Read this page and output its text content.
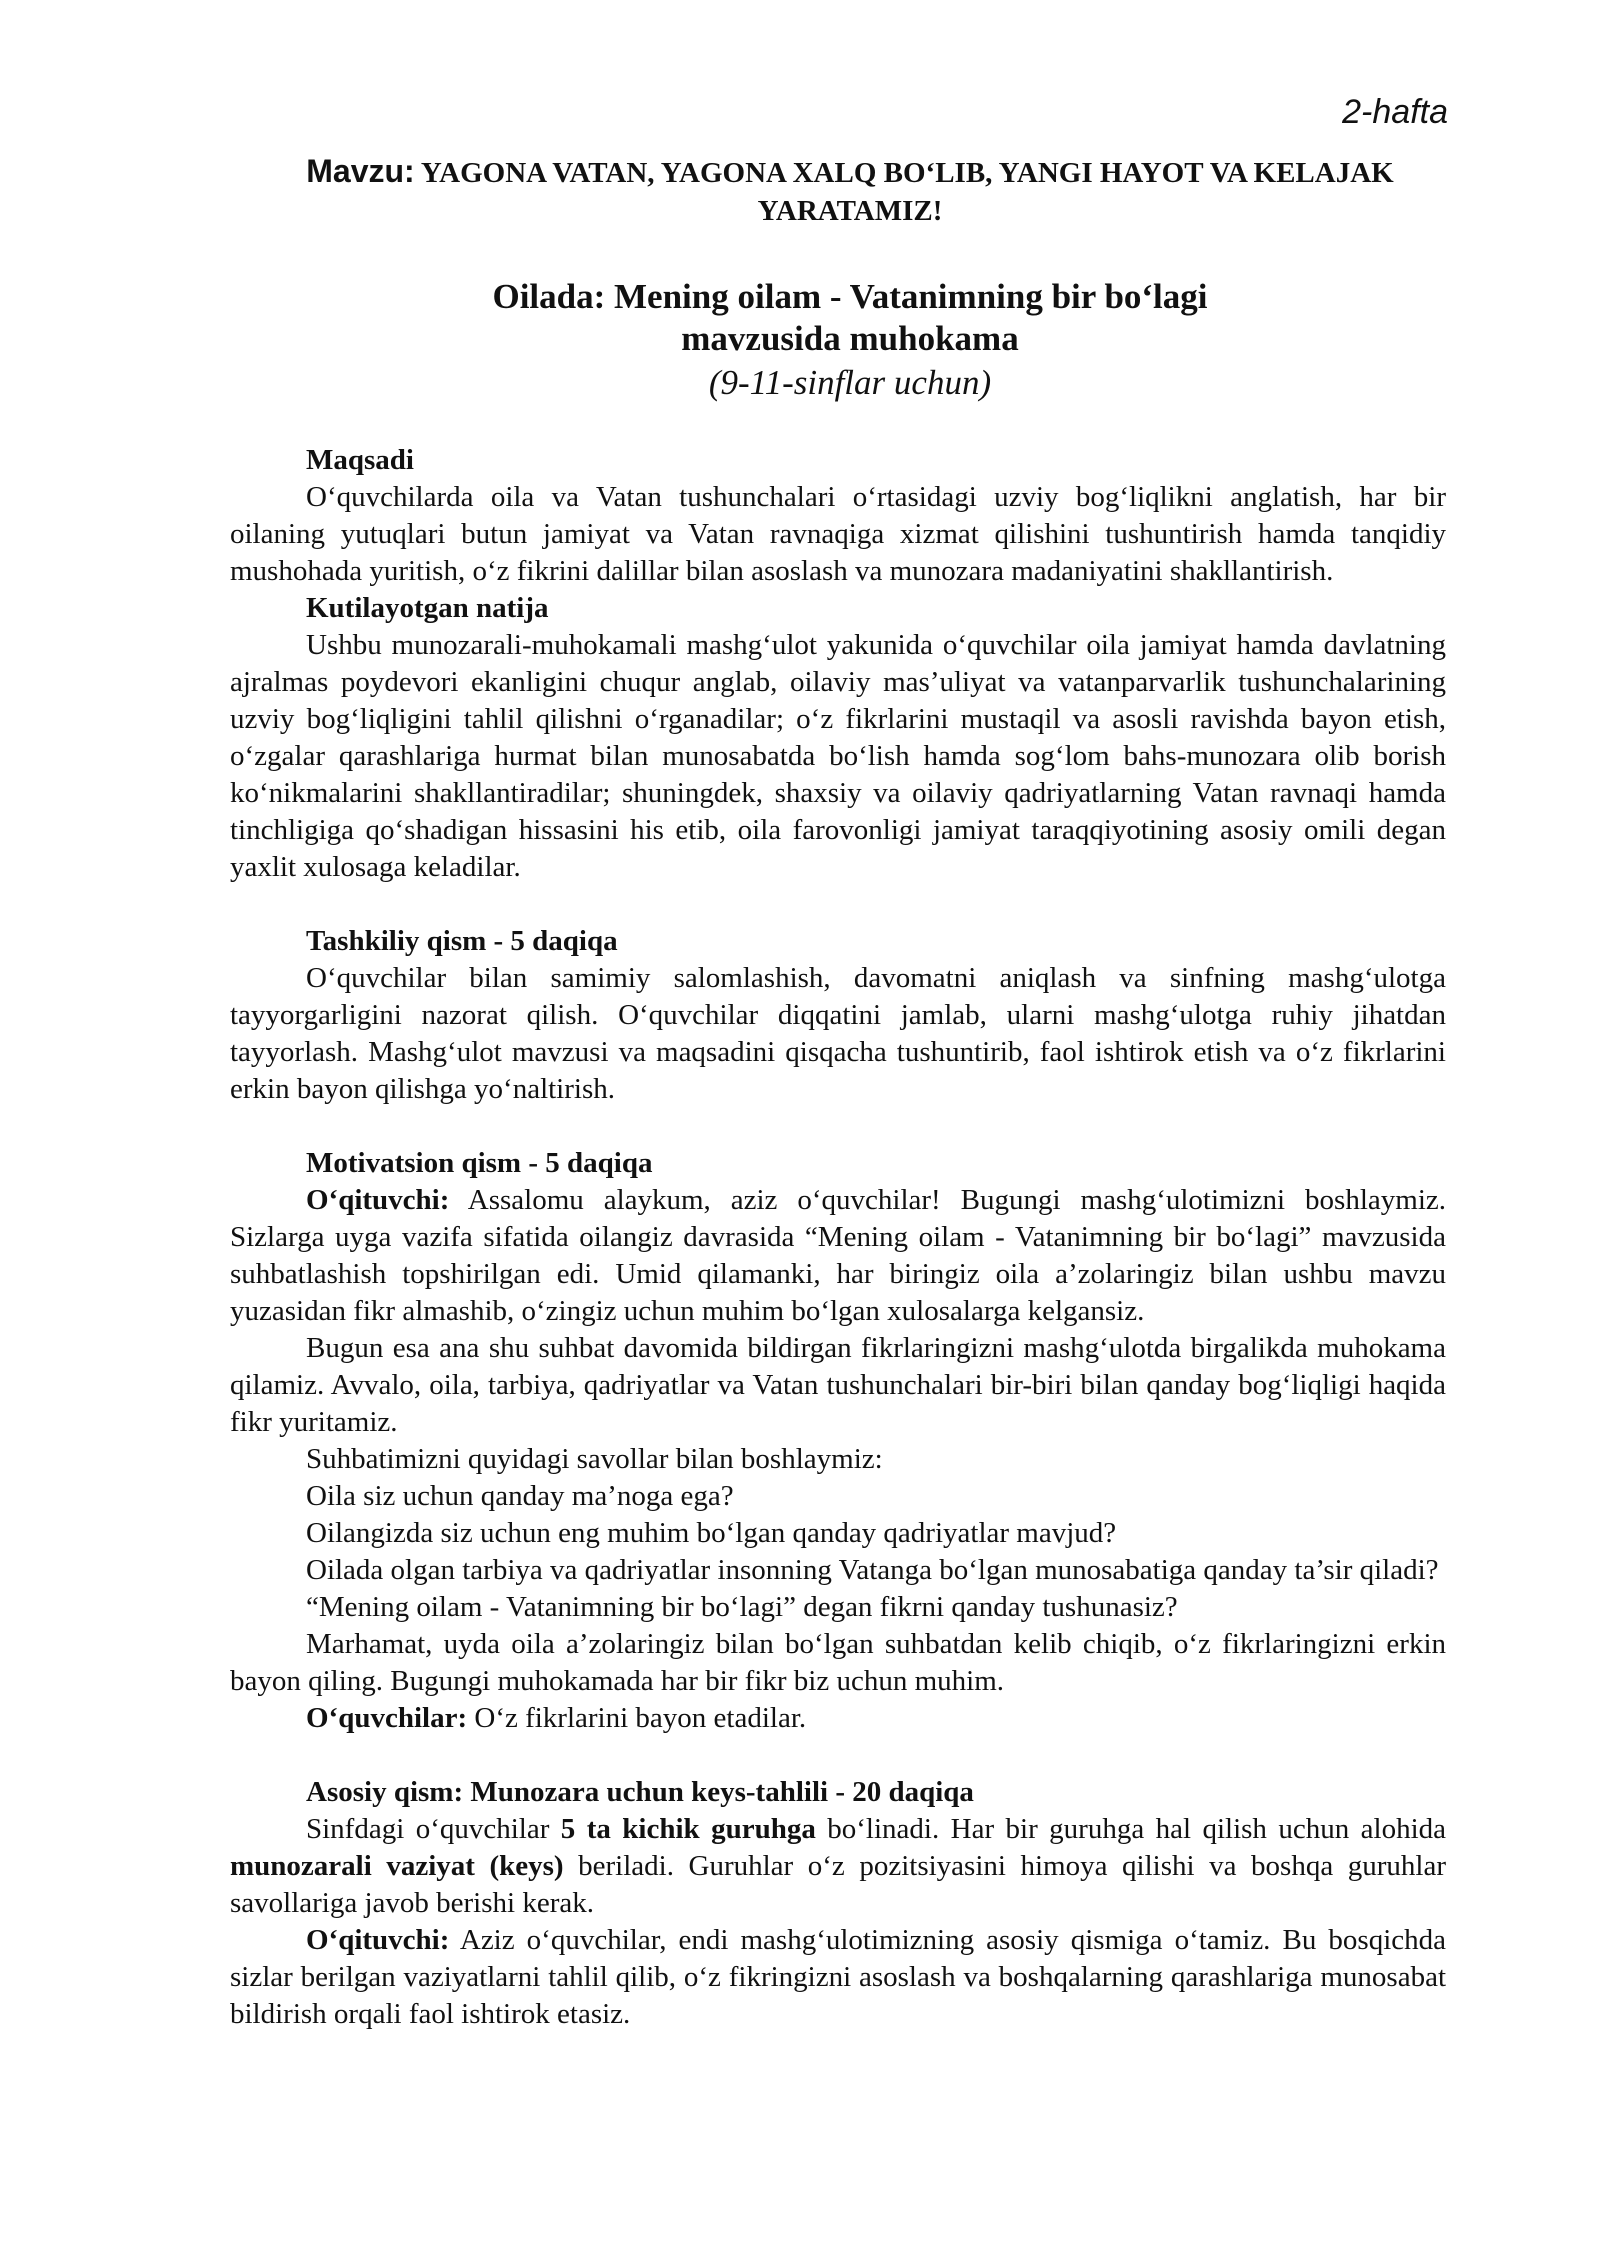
2-hafta
Mavzu: YAGONA VATAN, YAGONA XALQ BO‘LIB, YANGI HAYOT VA KELAJAK
YARATAMIZ!
Oilada: Mening oilam - Vatanimning bir bo‘lagi
mavzusida muhokama
(9-11-sinflar uchun)

Maqsadi

O‘quvchilarda oila va Vatan tushunchalari o‘rtasidagi uzviy bog‘liqlikni anglatish, har bir oilaning yutuqlari butun jamiyat va Vatan ravnaqiga xizmat qilishini tushuntirish hamda tanqidiy mushohada yuritish, o‘z fikrini dalillar bilan asoslash va munozara madaniyatini shakllantirish.

Kutilayotgan natija

Ushbu munozarali-muhokamali mashg‘ulot yakunida o‘quvchilar oila jamiyat hamda davlatning ajralmas poydevori ekanligini chuqur anglab, oilaviy mas’uliyat va vatanparvarlik tushunchalarining uzviy bog‘liqligini tahlil qilishni o‘rganadilar; o‘z fikrlarini mustaqil va asosli ravishda bayon etish, o‘zgalar qarashlariga hurmat bilan munosabatda bo‘lish hamda sog‘lom bahs-munozara olib borish ko‘nikmalarini shakllantiradilar; shuningdek, shaxsiy va oilaviy qadriyatlarning Vatan ravnaqi hamda tinchligiga qo‘shadigan hissasini his etib, oila farovonligi jamiyat taraqqiyotining asosiy omili degan yaxlit xulosaga keladilar.

Tashkiliy qism - 5 daqiqa

O‘quvchilar bilan samimiy salomlashish, davomatni aniqlash va sinfning mashg‘ulotga tayyorgarligini nazorat qilish. O‘quvchilar diqqatini jamlab, ularni mashg‘ulotga ruhiy jihatdan tayyorlash. Mashg‘ulot mavzusi va maqsadini qisqacha tushuntirib, faol ishtirok etish va o‘z fikrlarini erkin bayon qilishga yo‘naltirish.

Motivatsion qism - 5 daqiqa

O‘qituvchi: Assalomu alaykum, aziz o‘quvchilar! Bugungi mashg‘ulotimizni boshlaymiz. Sizlarga uyga vazifa sifatida oilangiz davrasida “Mening oilam - Vatanimning bir bo‘lagi” mavzusida suhbatlashish topshirilgan edi. Umid qilamanki, har biringiz oila a’zolaringiz bilan ushbu mavzu yuzasidan fikr almashib, o‘zingiz uchun muhim bo‘lgan xulosalarga kelgansiz.

Bugun esa ana shu suhbat davomida bildirgan fikrlaringizni mashg‘ulotda birgalikda muhokama qilamiz. Avvalo, oila, tarbiya, qadriyatlar va Vatan tushunchalari bir-biri bilan qanday bog‘liqligi haqida fikr yuritamiz.

Suhbatimizni quyidagi savollar bilan boshlaymiz:

Oila siz uchun qanday ma’noga ega?

Oilangizda siz uchun eng muhim bo‘lgan qanday qadriyatlar mavjud?

Oilada olgan tarbiya va qadriyatlar insonning Vatanga bo‘lgan munosabatiga qanday ta’sir qiladi?

“Mening oilam - Vatanimning bir bo‘lagi” degan fikrni qanday tushunasiz?

Marhamat, uyda oila a’zolaringiz bilan bo‘lgan suhbatdan kelib chiqib, o‘z fikrlaringizni erkin bayon qiling. Bugungi muhokamada har bir fikr biz uchun muhim.

O‘quvchilar: O‘z fikrlarini bayon etadilar.

Asosiy qism: Munozara uchun keys-tahlili - 20 daqiqa

Sinfdagi o‘quvchilar 5 ta kichik guruhga bo‘linadi. Har bir guruhga hal qilish uchun alohida munozarali vaziyat (keys) beriladi. Guruhlar o‘z pozitsiyasini himoya qilishi va boshqa guruhlar savollariga javob berishi kerak.

O‘qituvchi: Aziz o‘quvchilar, endi mashg‘ulotimizning asosiy qismiga o‘tamiz. Bu bosqichda sizlar berilgan vaziyatlarni tahlil qilib, o‘z fikringizni asoslash va boshqalarning qarashlariga munosabat bildirish orqali faol ishtirok etasiz.
